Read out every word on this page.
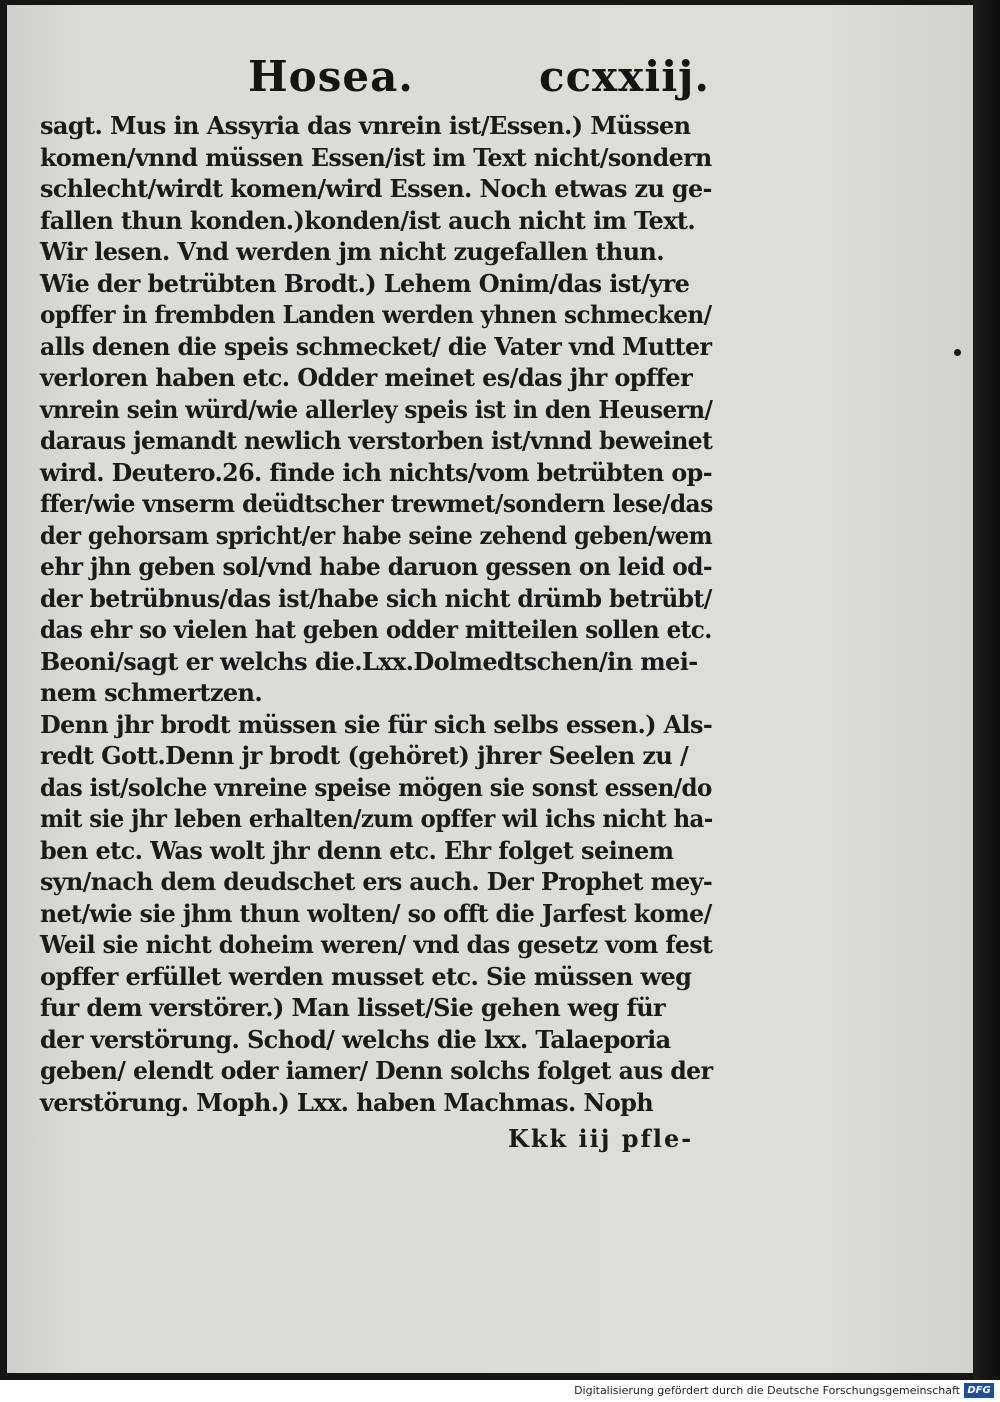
Hosea.	ccxxiij.
sagt. Mus in Assyria das vnrein ist/Essen.) Müssen
komen/vnnd müssen Essen/ist im Text nicht/sondern
schlecht/wirdt komen/wird Essen. Noch etwas zu ge-
fallen thun konden.)konden/ist auch nicht im Text.
Wir lesen. Vnd werden jm nicht zugefallen thun.
Wie der betrübten Brodt.) Lehem Onim/das ist/yre
opffer in frembden Landen werden yhnen schmecken/
alls denen die speis schmecket/ die Vater vnd Mutter
verloren haben etc. Odder meinet es/das jhr opffer
vnrein sein würd/wie allerley speis ist in den Heusern/
daraus jemandt newlich verstorben ist/vnnd beweinet
wird. Deutero.26. finde ich nichts/vom betrübten op-
ffer/wie vnserm deüdtscher trewmet/sondern lese/das
der gehorsam spricht/er habe seine zehend geben/wem
ehr jhn geben sol/vnd habe daruon gessen on leid od-
der betrübnus/das ist/habe sich nicht drümb betrübt/
das ehr so vielen hat geben odder mitteilen sollen etc.
Beoni/sagt er welchs die.Lxx.Dolmedtschen/in mei-
nem schmertzen.
Denn jhr brodt müssen sie für sich selbs essen.) Als-
redt Gott.Denn jr brodt (gehöret) jhrer Seelen zu /
das ist/solche vnreine speise mögen sie sonst essen/do
mit sie jhr leben erhalten/zum opffer wil ichs nicht ha-
ben etc. Was wolt jhr denn etc. Ehr folget seinem
syn/nach dem deudschet ers auch. Der Prophet mey-
net/wie sie jhm thun wolten/ so offt die Jarfest kome/
Weil sie nicht doheim weren/ vnd das gesetz vom fest
opffer erfüllet werden musset etc. Sie müssen weg
fur dem verstörer.) Man lisset/Sie gehen weg für
der verstörung. Schod/ welchs die lxx. Talaeporia
geben/ elendt oder iamer/ Denn solchs folget aus der
verstörung. Moph.) Lxx. haben Machmas. Noph
Kkk iij pfle-
Digitalisierung gefördert durch die Deutsche Forschungsgemeinschaft DFG
